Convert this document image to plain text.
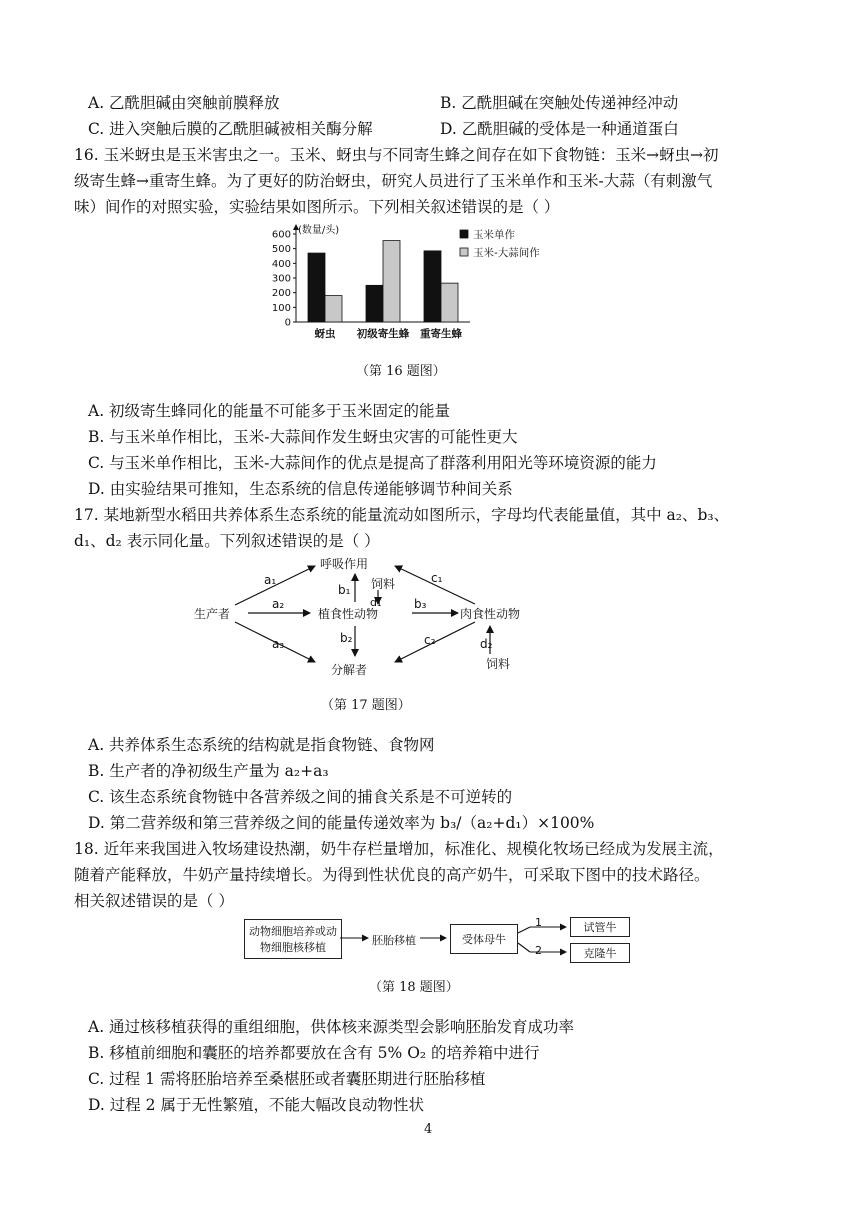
A. 乙酰胆碱由突触前膜释放	B. 乙酰胆碱在突触处传递神经冲动
C. 进入突触后膜的乙酰胆碱被相关酶分解	D. 乙酰胆碱的受体是一种通道蛋白
16. 玉米蚜虫是玉米害虫之一。玉米、蚜虫与不同寄生蜂之间存在如下食物链：玉米→蚜虫→初
级寄生蜂→重寄生蜂。为了更好的防治蚜虫，研究人员进行了玉米单作和玉米-大蒜（有刺激气
味）间作的对照实验，实验结果如图所示。下列相关叙述错误的是（ ）
(数量/头)
0
100
200
300
400
500
600
蚜虫 初级寄生蜂 重寄生蜂
玉米单作
玉米-大蒜间作
（第 16 题图）
A. 初级寄生蜂同化的能量不可能多于玉米固定的能量
B. 与玉米单作相比，玉米-大蒜间作发生蚜虫灾害的可能性更大
C. 与玉米单作相比，玉米-大蒜间作的优点是提高了群落利用阳光等环境资源的能力
D. 由实验结果可推知，生态系统的信息传递能够调节种间关系
17. 某地新型水稻田共养体系生态系统的能量流动如图所示，字母均代表能量值，其中 a₂、b₃、
d₁、d₂ 表示同化量。下列叙述错误的是（ ）
呼吸作用
生产者	植食性动物	肉食性动物
分解者
饲料
饲料
a₁
a₂
a₃
b₁
b₂
b₃
c₁
c₂
d₁
d₂
（第 17 题图）
A. 共养体系生态系统的结构就是指食物链、食物网
B. 生产者的净初级生产量为 a₂+a₃
C. 该生态系统食物链中各营养级之间的捕食关系是不可逆转的
D. 第二营养级和第三营养级之间的能量传递效率为 b₃/（a₂+d₁）×100%
18. 近年来我国进入牧场建设热潮，奶牛存栏量增加，标准化、规模化牧场已经成为发展主流，
随着产能释放，牛奶产量持续增长。为得到性状优良的高产奶牛，可采取下图中的技术路径。
相关叙述错误的是（ ）
动物细胞培养或动物细胞核移植
胚胎移植	受体母牛
试管牛
克隆牛
1
2
（第 18 题图）
A. 通过核移植获得的重组细胞，供体核来源类型会影响胚胎发育成功率
B. 移植前细胞和囊胚的培养都要放在含有 5% O₂ 的培养箱中进行
C. 过程 1 需将胚胎培养至桑椹胚或者囊胚期进行胚胎移植
D. 过程 2 属于无性繁殖，不能大幅改良动物性状
4
